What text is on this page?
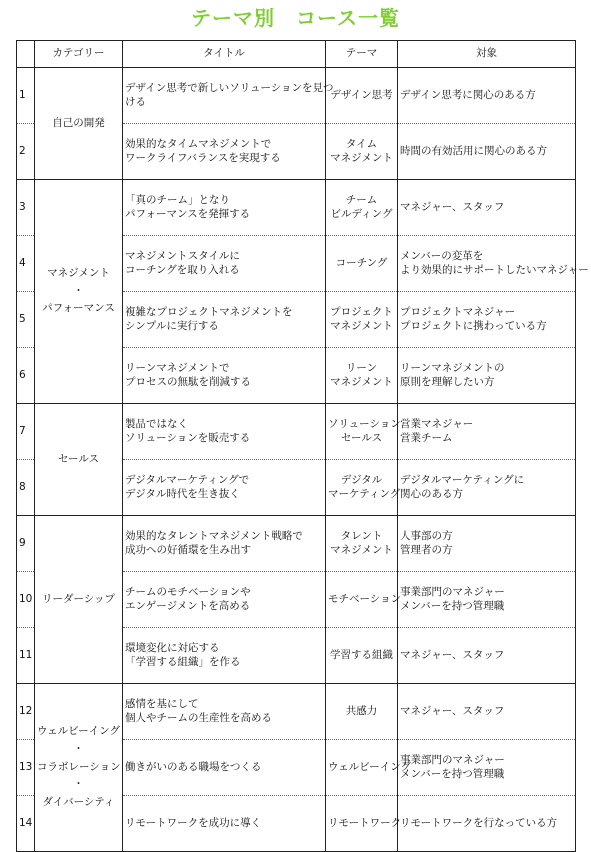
テーマ別　コース一覧
	カテゴリー	タイトル	テーマ	対象
1	自己の開発	デザイン思考で新しいソリューションを見つ
ける	デザイン思考	デザイン思考に関心のある方

2		効果的なタイムマネジメントで
ワークライフバランスを実現する	タイム
マネジメント	時間の有効活用に関心のある方

3	マネジメント
・
パフォーマンス	「真のチーム」となり
パフォーマンスを発揮する	チーム
ビルディング	マネジャー、スタッフ

4		マネジメントスタイルに
コーチングを取り入れる	コーチング	メンバーの変革を
より効果的にサポートしたいマネジャー

5		複雑なプロジェクトマネジメントを
シンプルに実行する	プロジェクト
マネジメント	プロジェクトマネジャー
プロジェクトに携わっている方

6		リーンマネジメントで
プロセスの無駄を削減する	リーン
マネジメント	リーンマネジメントの
原則を理解したい方

7	セールス	製品ではなく
ソリューションを販売する	ソリューション
セールス	営業マネジャー
営業チーム

8		デジタルマーケティングで
デジタル時代を生き抜く	デジタル
マーケティング	デジタルマーケティングに
関心のある方

9	リーダーシップ	効果的なタレントマネジメント戦略で
成功への好循環を生み出す	タレント
マネジメント	人事部の方
管理者の方

10		チームのモチベーションや
エンゲージメントを高める	モチベーション	事業部門のマネジャー
メンバーを持つ管理職

11		環境変化に対応する
「学習する組織」を作る	学習する組織	マネジャー、スタッフ

12	ウェルビーイング
・
コラボレーション
・
ダイバーシティ	感情を基にして
個人やチームの生産性を高める	共感力	マネジャー、スタッフ

13		働きがいのある職場をつくる	ウェルビーイング	事業部門のマネジャー
メンバーを持つ管理職

14		リモートワークを成功に導く	リモートワーク	リモートワークを行なっている方
